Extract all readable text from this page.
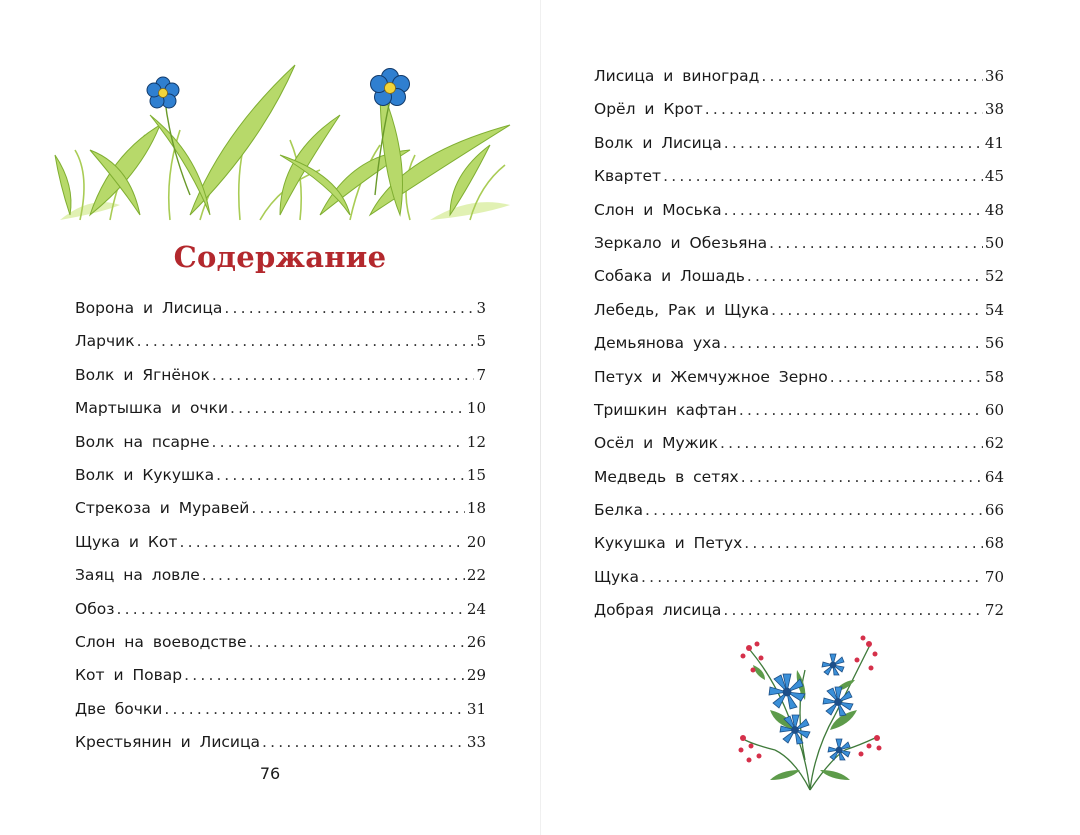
Содержание
Ворона и Лисица .....	3
Ларчик .....	5
Волк и Ягнёнок .....	7
Мартышка и очки .....	10
Волк на псарне .....	12
Волк и Кукушка .....	15
Стрекоза и Муравей .....	18
Щука и Кот .....	20
Заяц на ловле .....	22
Обоз .....	24
Слон на воеводстве .....	26
Кот и Повар .....	29
Две бочки .....	31
Крестьянин и Лисица .....	33
Лисица и виноград .....	36
Орёл и Крот .....	38
Волк и Лисица .....	41
Квартет .....	45
Слон и Моська .....	48
Зеркало и Обезьяна .....	50
Собака и Лошадь .....	52
Лебедь, Рак и Щука .....	54
Демьянова уха .....	56
Петух и Жемчужное Зерно .....	58
Тришкин кафтан .....	60
Осёл и Мужик .....	62
Медведь в сетях .....	64
Белка .....	66
Кукушка и Петух .....	68
Щука .....	70
Добрая лисица .....	72
76
